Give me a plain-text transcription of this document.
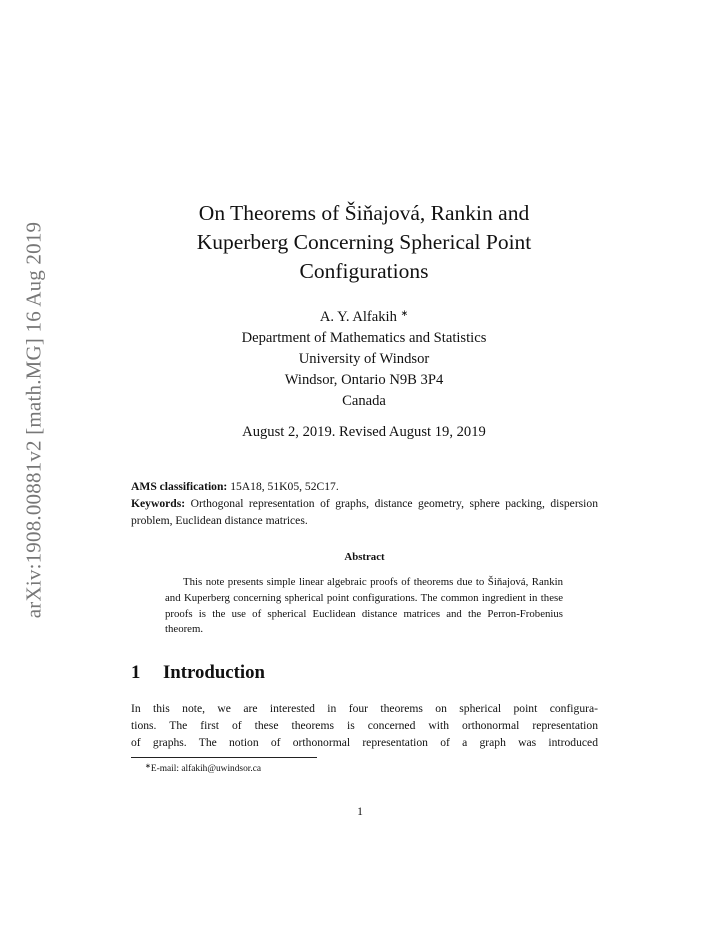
arXiv:1908.00881v2 [math.MG] 16 Aug 2019
On Theorems of Šiňajová, Rankin and
Kuperberg Concerning Spherical Point
Configurations
A. Y. Alfakih ∗
Department of Mathematics and Statistics
University of Windsor
Windsor, Ontario N9B 3P4
Canada
August 2, 2019. Revised August 19, 2019
AMS classification: 15A18, 51K05, 52C17.
Keywords: Orthogonal representation of graphs, distance geometry, sphere packing, dispersion problem, Euclidean distance matrices.
Abstract
This note presents simple linear algebraic proofs of theorems due to Šiňajová, Rankin and Kuperberg concerning spherical point configurations. The common ingredient in these proofs is the use of spherical Euclidean distance matrices and the Perron-Frobenius theorem.
1 Introduction
In this note, we are interested in four theorems on spherical point configura-
tions. The first of these theorems is concerned with orthonormal representation
of graphs. The notion of orthonormal representation of a graph was introduced
∗E-mail: alfakih@uwindsor.ca
1
